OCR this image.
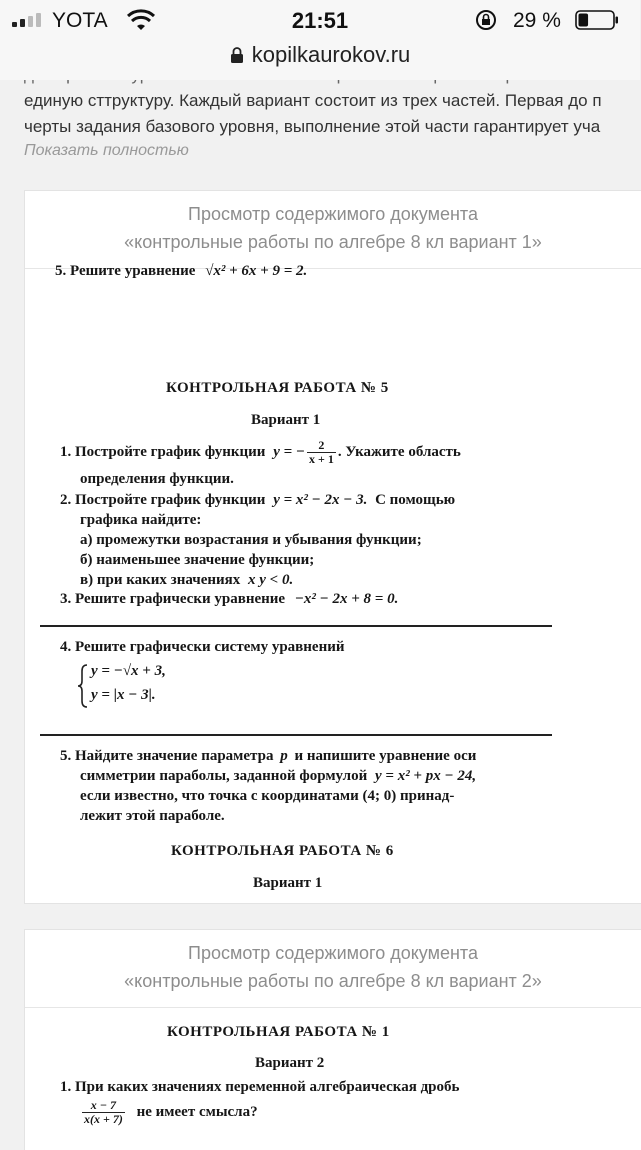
YOTA	21:51	29 %
kopilkaurokov.ru
единую сттруктуру. Каждый вариант состоит из трех частей. Первая до п
черты задания базового уровня, выполнение этой части гарантирует уча
Показать полностью
Просмотр содержимого документа
«контрольные работы по алгебре 8 кл вариант 1»
5. Решите уравнение √x² + 6x + 9 = 2.
КОНТРОЛЬНАЯ РАБОТА № 5
Вариант 1
1. Постройте график функции y = − $\frac{2}{x + 1}$ . Укажите область
определения функции.
2. Постройте график функции y = x² − 2x − 3. С помощью
графика найдите:
а) промежутки возрастания и убывания функции;
б) наименьшее значение функции;
в) при каких значениях x y < 0.
3. Решите графически уравнение −x² − 2x + 8 = 0.
4. Решите графически систему уравнений
y = −√x + 3,
y = |x − 3|.
5. Найдите значение параметра p и напишите уравнение оси
симметрии параболы, заданной формулой y = x² + px − 24,
если известно, что точка с координатами (4; 0) принад-
лежит этой параболе.
КОНТРОЛЬНАЯ РАБОТА № 6
Вариант 1
Просмотр содержимого документа
«контрольные работы по алгебре 8 кл вариант 2»
КОНТРОЛЬНАЯ РАБОТА № 1
Вариант 2
1. При каких значениях переменной алгебраическая дробь
$\frac{x - 7}{x(x + 7)}$ не имеет смысла?
